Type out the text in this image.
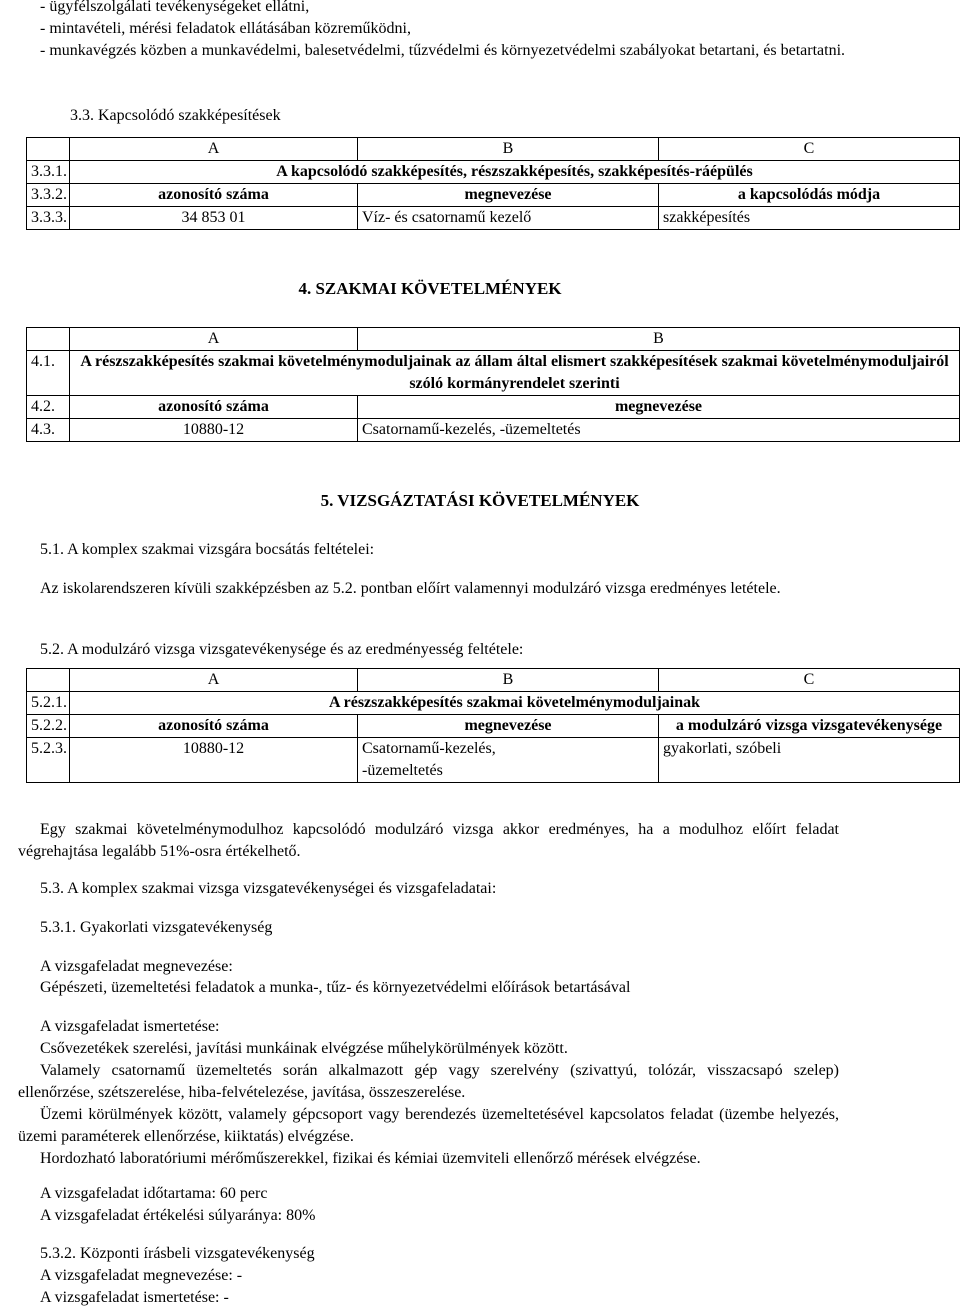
- ügyfélszolgálati tevékenységeket ellátni,
- mintavételi, mérési feladatok ellátásában közreműködni,
- munkavégzés közben a munkavédelmi, balesetvédelmi, tűzvédelmi és környezetvédelmi szabályokat betartani, és betartatni.
3.3. Kapcsolódó szakképesítések
	A	B	C
3.3.1.	A kapcsolódó szakképesítés, részszakképesítés, szakképesítés-ráépülés		
3.3.2.	azonosító száma	megnevezése	a kapcsolódás módja
3.3.3.	34 853 01	Víz- és csatornamű kezelő	szakképesítés
4. SZAKMAI KÖVETELMÉNYEK
	A	B
4.1.	A részszakképesítés szakmai követelménymoduljainak az állam által elismert szakképesítések szakmai követelménymoduljairól szóló kormányrendelet szerinti	
4.2.	azonosító száma	megnevezése
4.3.	10880-12	Csatornamű-kezelés, -üzemeltetés
5. VIZSGÁZTATÁSI KÖVETELMÉNYEK
5.1. A komplex szakmai vizsgára bocsátás feltételei:
Az iskolarendszeren kívüli szakképzésben az 5.2. pontban előírt valamennyi modulzáró vizsga eredményes letétele.
5.2. A modulzáró vizsga vizsgatevékenysége és az eredményesség feltétele:
	A	B	C
5.2.1.	A részszakképesítés szakmai követelménymoduljainak		
5.2.2.	azonosító száma	megnevezése	a modulzáró vizsga vizsgatevékenysége
5.2.3.	10880-12	Csatornamű-kezelés, -üzemeltetés	gyakorlati, szóbeli
Egy szakmai követelménymodulhoz kapcsolódó modulzáró vizsga akkor eredményes, ha a modulhoz előírt feladat végrehajtása legalább 51%-osra értékelhető.
5.3. A komplex szakmai vizsga vizsgatevékenységei és vizsgafeladatai:
5.3.1. Gyakorlati vizsgatevékenység
A vizsgafeladat megnevezése:
Gépészeti, üzemeltetési feladatok a munka-, tűz- és környezetvédelmi előírások betartásával
A vizsgafeladat ismertetése:
Csővezetékek szerelési, javítási munkáinak elvégzése műhelykörülmények között.
Valamely csatornamű üzemeltetés során alkalmazott gép vagy szerelvény (szivattyú, tolózár, visszacsapó szelep) ellenőrzése, szétszerelése, hiba-felvételezése, javítása, összeszerelése.
Üzemi körülmények között, valamely gépcsoport vagy berendezés üzemeltetésével kapcsolatos feladat (üzembe helyezés, üzemi paraméterek ellenőrzése, kiiktatás) elvégzése.
Hordozható laboratóriumi mérőműszerekkel, fizikai és kémiai üzemviteli ellenőrző mérések elvégzése.
A vizsgafeladat időtartama: 60 perc
A vizsgafeladat értékelési súlyaránya: 80%
5.3.2. Központi írásbeli vizsgatevékenység
A vizsgafeladat megnevezése: -
A vizsgafeladat ismertetése: -
